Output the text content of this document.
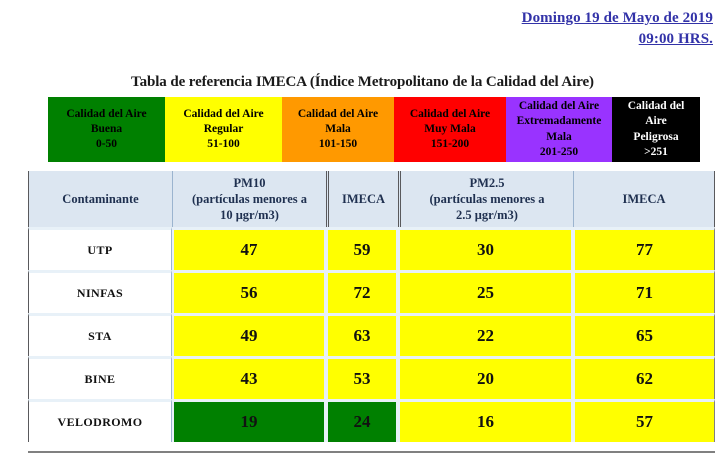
Domingo 19 de Mayo de 2019
09:00 HRS.
Tabla de referencia IMECA (Índice Metropolitano de la Calidad del Aire)
Calidad del Aire
Buena
0-50
Calidad del Aire
Regular
51-100
Calidad del Aire
Mala
101-150
Calidad del Aire
Muy Mala
151-200
Calidad del Aire
Extremadamente
Mala
201-250
Calidad del
Aire
Peligrosa
>251
Contaminante	PM10
(partículas menores a
10 μgr/m3)	IMECA	PM2.5
(partículas menores a
2.5 μgr/m3)	IMECA

UTP	47	59	30	77
NINFAS	56	72	25	71
STA	49	63	22	65
BINE	43	53	20	62
VELODROMO	19	24	16	57
